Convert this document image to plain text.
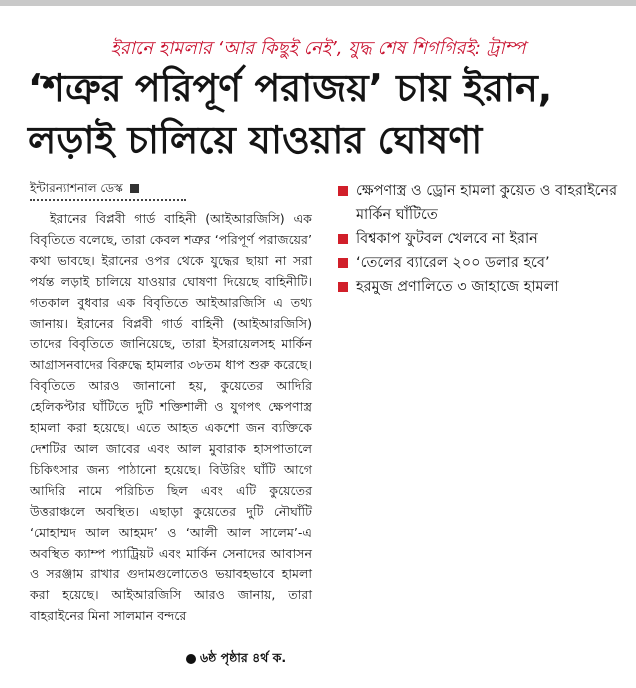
ইরানে হামলার ‘আর কিছুই নেই’, যুদ্ধ শেষ শিগগিরই: ট্রাম্প
‘শত্রুর পরিপূর্ণ পরাজয়’ চায় ইরান,
লড়াই চালিয়ে যাওয়ার ঘোষণা
ইন্টারন্যাশনাল ডেস্ক
ইরানের বিপ্লবী গার্ড বাহিনী (আইআরজিসি) এক বিবৃতিতে বলেছে, তারা কেবল শত্রুর ‘পরিপূর্ণ পরাজয়ের’ কথা ভাবছে। ইরানের ওপর থেকে যুদ্ধের ছায়া না সরা পর্যন্ত লড়াই চালিয়ে যাওয়ার ঘোষণা দিয়েছে বাহিনীটি। গতকাল বুধবার এক বিবৃতিতে আইআরজিসি এ তথ্য জানায়। ইরানের বিপ্লবী গার্ড বাহিনী (আইআরজিসি) তাদের বিবৃতিতে জানিয়েছে, তারা ইসরায়েলসহ মার্কিন আগ্রাসনবাদের বিরুদ্ধে হামলার ৩৮তম ধাপ শুরু করেছে। বিবৃতিতে আরও জানানো হয়, কুয়েতের আদিরি হেলিকপ্টার ঘাঁটিতে দুটি শক্তিশালী ও যুগপৎ ক্ষেপণাস্ত্র হামলা করা হয়েছে। এতে আহত একশো জন ব্যক্তিকে দেশটির আল জাবের এবং আল মুবারাক হাসপাতালে চিকিৎসার জন্য পাঠানো হয়েছে। বিউরিং ঘাঁটি আগে আদিরি নামে পরিচিত ছিল এবং এটি কুয়েতের উত্তরাঞ্চলে অবস্থিত। এছাড়া কুয়েতের দুটি নৌঘাঁটি ‘মোহাম্মদ আল আহমদ’ ও ‘আলী আল সালেম’-এ অবস্থিত ক্যাম্প প্যাট্রিয়ট এবং মার্কিন সেনাদের আবাসন ও সরঞ্জাম রাখার গুদামগুলোতেও ভয়াবহভাবে হামলা করা হয়েছে। আইআরজিসি আরও জানায়, তারা বাহরাইনের মিনা সালমান বন্দরে
৬ষ্ঠ পৃষ্ঠার ৪র্থ ক.
ক্ষেপণাস্ত্র ও ড্রোন হামলা কুয়েত ও বাহরাইনের মার্কিন ঘাঁটিতে
বিশ্বকাপ ফুটবল খেলবে না ইরান
‘তেলের ব্যারেল ২০০ ডলার হবে’
হরমুজ প্রণালিতে ৩ জাহাজে হামলা
